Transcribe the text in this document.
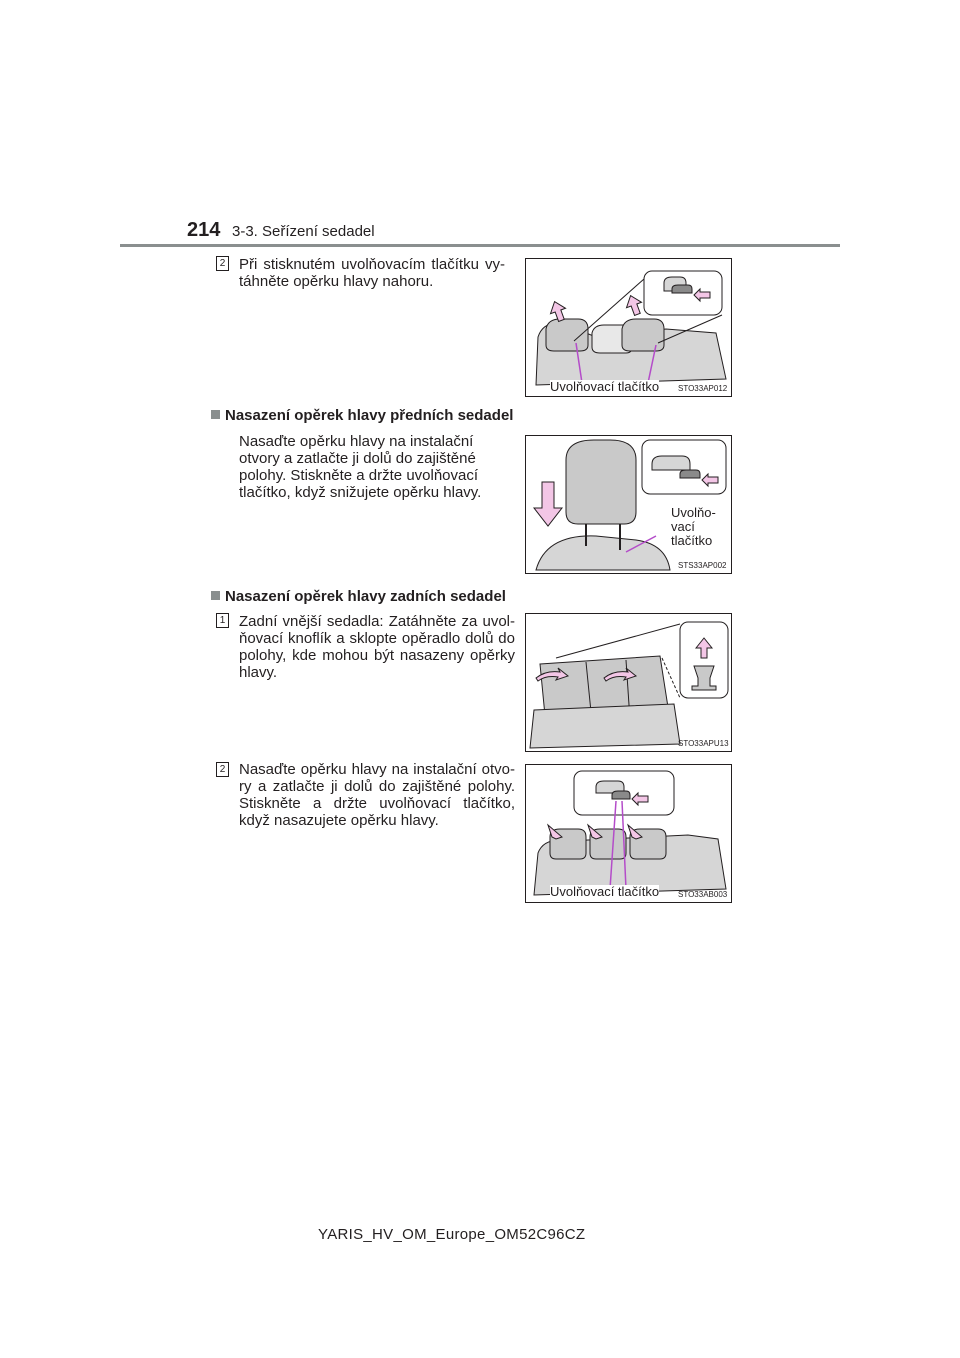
214 3-3. Seřízení sedadel
2 Při stisknutém uvolňovacím tlačítku vy- táhněte opěrku hlavy nahoru.
Uvolňovací tlačítko STO33AP012
Nasazení opěrek hlavy předních sedadel
Nasaďte opěrku hlavy na instalační otvory a zatlačte ji dolů do zajištěné polohy. Stiskněte a držte uvolňovací tlačítko, když snižujete opěrku hlavy.
Uvolňo-
vací
tlačítko
STS33AP002
Nasazení opěrek hlavy zadních sedadel
1 Zadní vnější sedadla: Zatáhněte za uvol- ňovací knoflík a sklopte opěradlo dolů do polohy, kde mohou být nasazeny opěrky hlavy.
STO33APU13
2 Nasaďte opěrku hlavy na instalační otvo- ry a zatlačte ji dolů do zajištěné polohy. Stiskněte a držte uvolňovací tlačítko, když nasazujete opěrku hlavy.
Uvolňovací tlačítko STO33AB003
YARIS_HV_OM_Europe_OM52C96CZ
